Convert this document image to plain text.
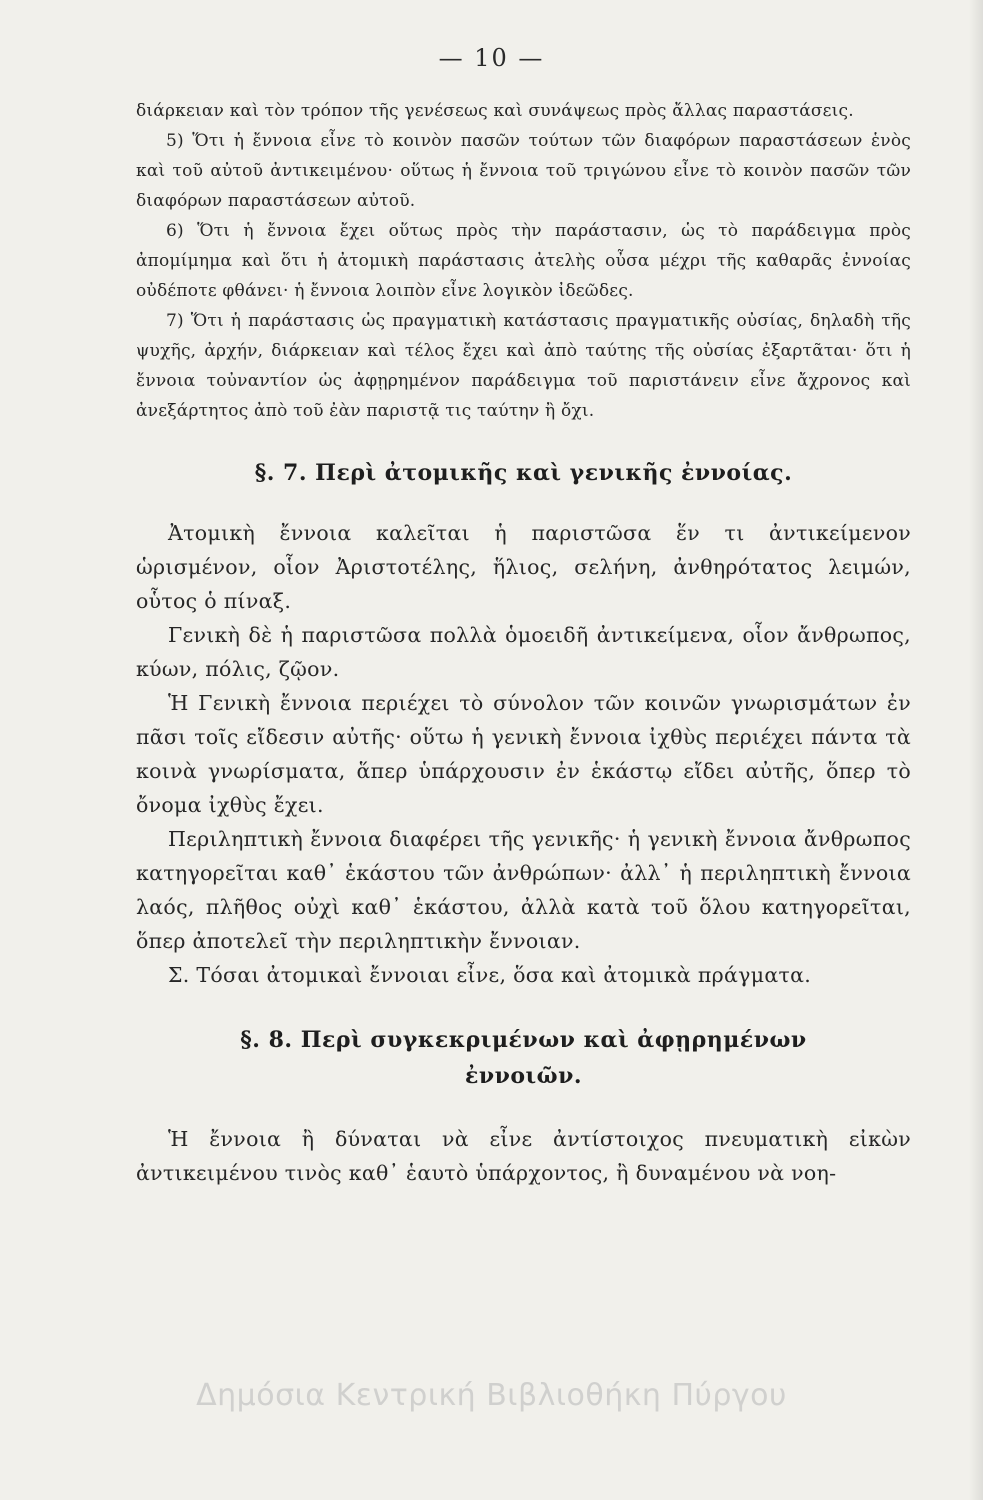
— 10 —

διάρκειαν καὶ τὸν τρόπον τῆς γενέσεως καὶ συνάψεως πρὸς ἄλλας παραστάσεις.

5) Ὅτι ἡ ἔννοια εἶνε τὸ κοινὸν πασῶν τούτων τῶν διαφόρων παραστάσεων ἑνὸς καὶ τοῦ αὐτοῦ ἀντικειμένου· οὕτως ἡ ἔννοια τοῦ τριγώνου εἶνε τὸ κοινὸν πασῶν τῶν διαφόρων παραστάσεων αὐτοῦ.

6) Ὅτι ἡ ἔννοια ἔχει οὕτως πρὸς τὴν παράστασιν, ὡς τὸ παράδειγμα πρὸς ἀπομίμημα καὶ ὅτι ἡ ἀτομικὴ παράστασις ἀτελὴς οὖσα μέχρι τῆς καθαρᾶς ἐννοίας οὐδέποτε φθάνει· ἡ ἔννοια λοιπὸν εἶνε λογικὸν ἰδεῶδες.

7) Ὅτι ἡ παράστασις ὡς πραγματικὴ κατάστασις πραγματικῆς οὐσίας, δηλαδὴ τῆς ψυχῆς, ἀρχήν, διάρκειαν καὶ τέλος ἔχει καὶ ἀπὸ ταύτης τῆς οὐσίας ἐξαρτᾶται· ὅτι ἡ ἔννοια τοὐναντίον ὡς ἀφῃρημένον παράδειγμα τοῦ παριστάνειν εἶνε ἄχρονος καὶ ἀνεξάρτητος ἀπὸ τοῦ ἐὰν παριστᾷ τις ταύτην ἢ ὄχι.

§. 7. Περὶ ἀτομικῆς καὶ γενικῆς ἐννοίας.

Ἀτομικὴ ἔννοια καλεῖται ἡ παριστῶσα ἕν τι ἀντικείμενον ὡρισμένον, οἷον Ἀριστοτέλης, ἥλιος, σελήνη, ἀνθηρότατος λειμών, οὗτος ὁ πίναξ.

Γενικὴ δὲ ἡ παριστῶσα πολλὰ ὁμοειδῆ ἀντικείμενα, οἷον ἄνθρωπος, κύων, πόλις, ζῷον.

Ἡ Γενικὴ ἔννοια περιέχει τὸ σύνολον τῶν κοινῶν γνωρισμάτων ἐν πᾶσι τοῖς εἴδεσιν αὐτῆς· οὕτω ἡ γενικὴ ἔννοια ἰχθὺς περιέχει πάντα τὰ κοινὰ γνωρίσματα, ἅπερ ὑπάρχουσιν ἐν ἑκάστῳ εἴδει αὐτῆς, ὅπερ τὸ ὄνομα ἰχθὺς ἔχει.

Περιληπτικὴ ἔννοια διαφέρει τῆς γενικῆς· ἡ γενικὴ ἔννοια ἄνθρωπος κατηγορεῖται καθ᾽ ἑκάστου τῶν ἀνθρώπων· ἀλλ᾽ ἡ περιληπτικὴ ἔννοια λαός, πλῆθος οὐχὶ καθ᾽ ἑκάστου, ἀλλὰ κατὰ τοῦ ὅλου κατηγορεῖται, ὅπερ ἀποτελεῖ τὴν περιληπτικὴν ἔννοιαν.

Σ. Τόσαι ἀτομικαὶ ἔννοιαι εἶνε, ὅσα καὶ ἀτομικὰ πράγματα.

§. 8. Περὶ συγκεκριμένων καὶ ἀφῃρημένων
ἐννοιῶν.

Ἡ ἔννοια ἢ δύναται νὰ εἶνε ἀντίστοιχος πνευματικὴ εἰκὼν ἀντικειμένου τινὸς καθ᾽ ἑαυτὸ ὑπάρχοντος, ἢ δυναμένου νὰ νοη-

Δημόσια Κεντρική Βιβλιοθήκη Πύργου
